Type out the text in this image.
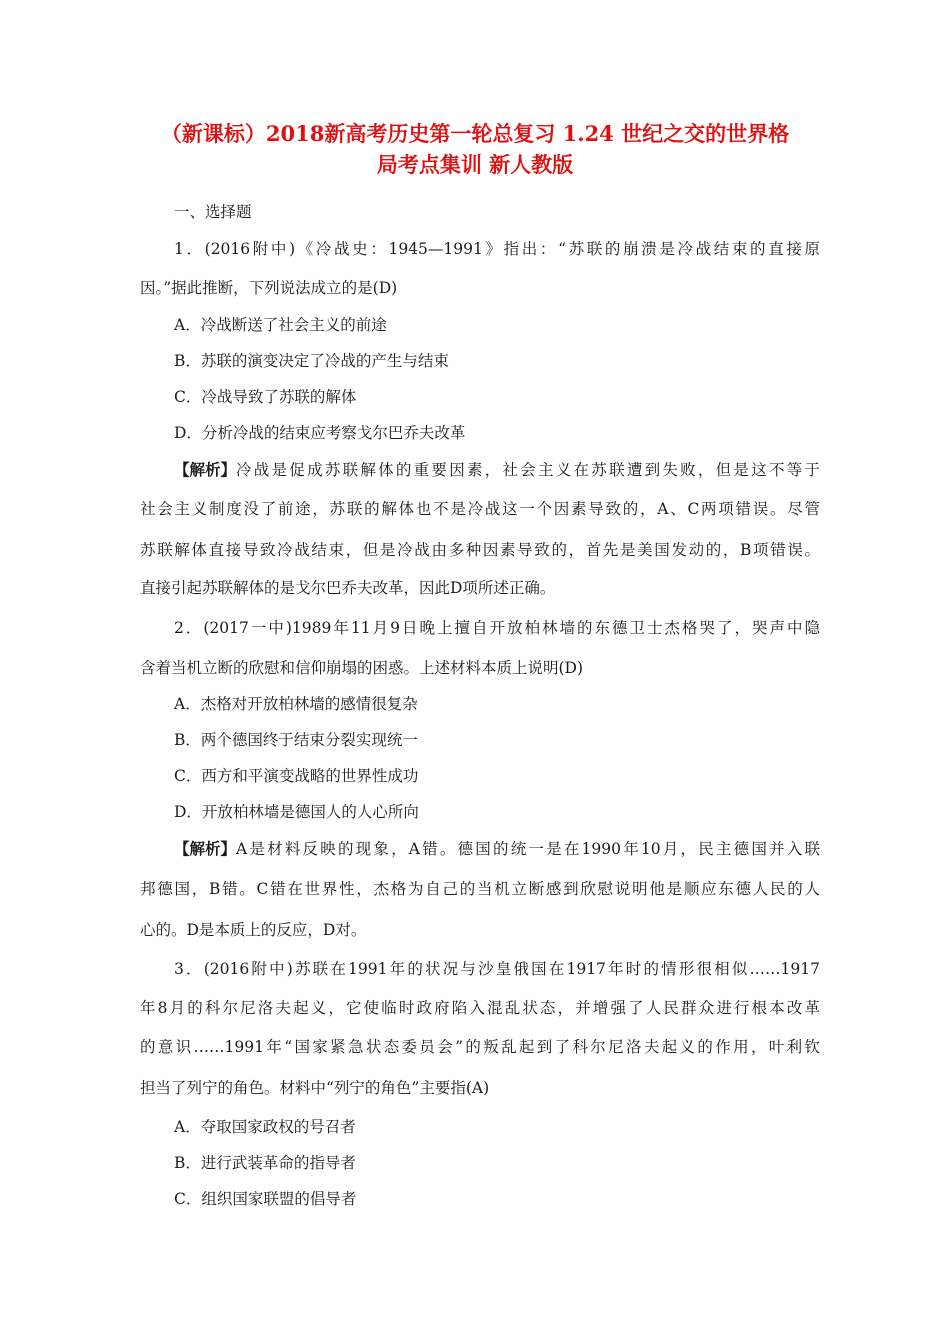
（新课标）2018新高考历史第一轮总复习 1.24 世纪之交的世界格
局考点集训 新人教版
一、选择题
1．(2016附中)《冷战史：1945—1991》指出：“苏联的崩溃是冷战结束的直接原
因。”据此推断，下列说法成立的是(D)
A．冷战断送了社会主义的前途
B．苏联的演变决定了冷战的产生与结束
C．冷战导致了苏联的解体
D．分析冷战的结束应考察戈尔巴乔夫改革
【解析】 冷战是促成苏联解体的重要因素，社会主义在苏联遭到失败，但是这不等于
社会主义制度没了前途，苏联的解体也不是冷战这一个因素导致的，A、C两项错误。尽管
苏联解体直接导致冷战结束，但是冷战由多种因素导致的，首先是美国发动的，B项错误。
直接引起苏联解体的是戈尔巴乔夫改革，因此D项所述正确。
2．(2017一中)1989年11月9日晚上擅自开放柏林墙的东德卫士杰格哭了，哭声中隐
含着当机立断的欣慰和信仰崩塌的困惑。上述材料本质上说明(D)
A．杰格对开放柏林墙的感情很复杂
B．两个德国终于结束分裂实现统一
C．西方和平演变战略的世界性成功
D．开放柏林墙是德国人的人心所向
【解析】 A是材料反映的现象，A错。德国的统一是在1990年10月，民主德国并入联
邦德国，B错。C错在世界性，杰格为自己的当机立断感到欣慰说明他是顺应东德人民的人
心的。D是本质上的反应，D对。
3．(2016附中)苏联在1991年的状况与沙皇俄国在1917年时的情形很相似……1917
年8月的科尔尼洛夫起义，它使临时政府陷入混乱状态，并增强了人民群众进行根本改革
的意识……1991年“国家紧急状态委员会”的叛乱起到了科尔尼洛夫起义的作用，叶利钦
担当了列宁的角色。材料中“列宁的角色”主要指(A)
A．夺取国家政权的号召者
B．进行武装革命的指导者
C．组织国家联盟的倡导者
